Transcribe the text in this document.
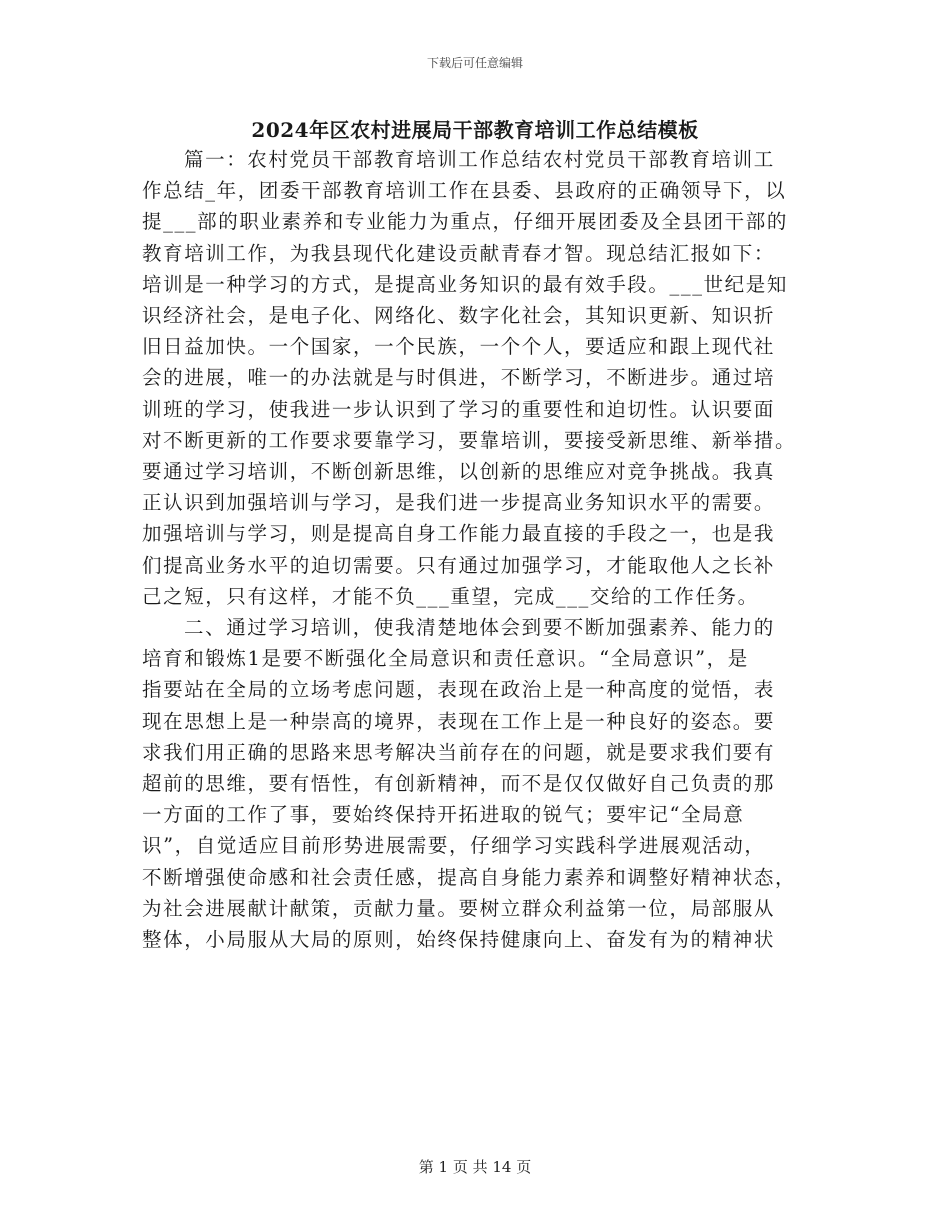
下载后可任意编辑
2024年区农村进展局干部教育培训工作总结模板
篇一：农村党员干部教育培训工作总结农村党员干部教育培训工
作总结_年，团委干部教育培训工作在县委、县政府的正确领导下，以
提___部的职业素养和专业能力为重点，仔细开展团委及全县团干部的
教育培训工作，为我县现代化建设贡献青春才智。现总结汇报如下：
培训是一种学习的方式，是提高业务知识的最有效手段。___世纪是知
识经济社会，是电子化、网络化、数字化社会，其知识更新、知识折
旧日益加快。一个国家，一个民族，一个个人，要适应和跟上现代社
会的进展，唯一的办法就是与时俱进，不断学习，不断进步。通过培
训班的学习，使我进一步认识到了学习的重要性和迫切性。认识要面
对不断更新的工作要求要靠学习，要靠培训，要接受新思维、新举措。
要通过学习培训，不断创新思维，以创新的思维应对竞争挑战。我真
正认识到加强培训与学习，是我们进一步提高业务知识水平的需要。
加强培训与学习，则是提高自身工作能力最直接的手段之一，也是我
们提高业务水平的迫切需要。只有通过加强学习，才能取他人之长补
己之短，只有这样，才能不负___重望，完成___交给的工作任务。
二、通过学习培训，使我清楚地体会到要不断加强素养、能力的
培育和锻炼1是要不断强化全局意识和责任意识。“全局意识”，是
指要站在全局的立场考虑问题，表现在政治上是一种高度的觉悟，表
现在思想上是一种崇高的境界，表现在工作上是一种良好的姿态。要
求我们用正确的思路来思考解决当前存在的问题，就是要求我们要有
超前的思维，要有悟性，有创新精神，而不是仅仅做好自己负责的那
一方面的工作了事，要始终保持开拓进取的锐气；要牢记“全局意
识”，自觉适应目前形势进展需要，仔细学习实践科学进展观活动，
不断增强使命感和社会责任感，提高自身能力素养和调整好精神状态，
为社会进展献计献策，贡献力量。要树立群众利益第一位，局部服从
整体，小局服从大局的原则，始终保持健康向上、奋发有为的精神状
第 1 页 共 14 页
